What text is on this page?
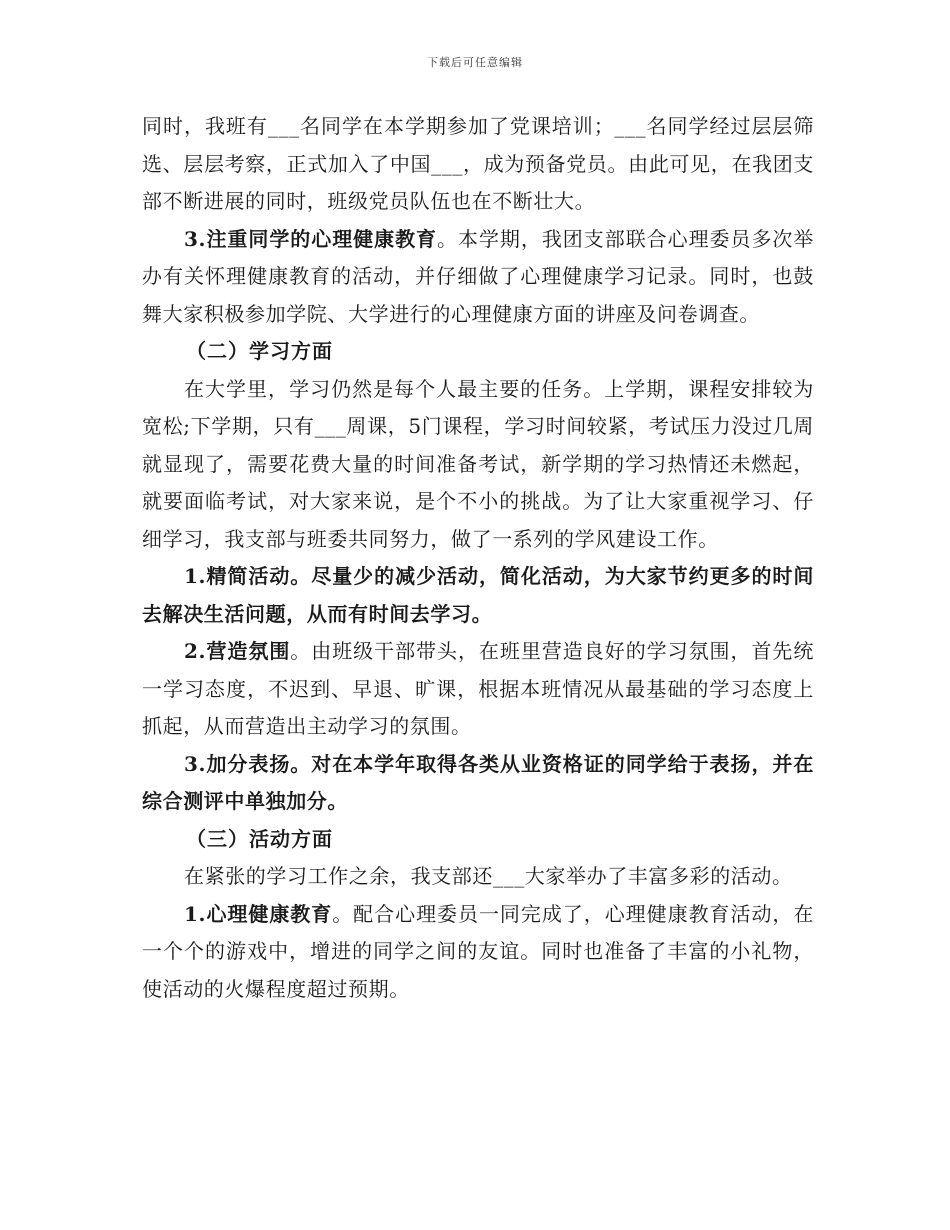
下载后可任意编辑

同时，我班有___名同学在本学期参加了党课培训；___名同学经过层层筛选、层层考察，正式加入了中国___，成为预备党员。由此可见，在我团支部不断进展的同时，班级党员队伍也在不断壮大。

3.注重同学的心理健康教育。本学期，我团支部联合心理委员多次举办有关怀理健康教育的活动，并仔细做了心理健康学习记录。同时，也鼓舞大家积极参加学院、大学进行的心理健康方面的讲座及问卷调查。

（二）学习方面

在大学里，学习仍然是每个人最主要的任务。上学期，课程安排较为宽松;下学期，只有___周课，5门课程，学习时间较紧，考试压力没过几周就显现了，需要花费大量的时间准备考试，新学期的学习热情还未燃起，就要面临考试，对大家来说，是个不小的挑战。为了让大家重视学习、仔细学习，我支部与班委共同努力，做了一系列的学风建设工作。

1.精简活动。尽量少的减少活动，简化活动，为大家节约更多的时间去解决生活问题，从而有时间去学习。

2.营造氛围。由班级干部带头，在班里营造良好的学习氛围，首先统一学习态度，不迟到、早退、旷课，根据本班情况从最基础的学习态度上抓起，从而营造出主动学习的氛围。

3.加分表扬。对在本学年取得各类从业资格证的同学给于表扬，并在综合测评中单独加分。

（三）活动方面

在紧张的学习工作之余，我支部还___大家举办了丰富多彩的活动。

1.心理健康教育。配合心理委员一同完成了，心理健康教育活动，在一个个的游戏中，增进的同学之间的友谊。同时也准备了丰富的小礼物，使活动的火爆程度超过预期。
